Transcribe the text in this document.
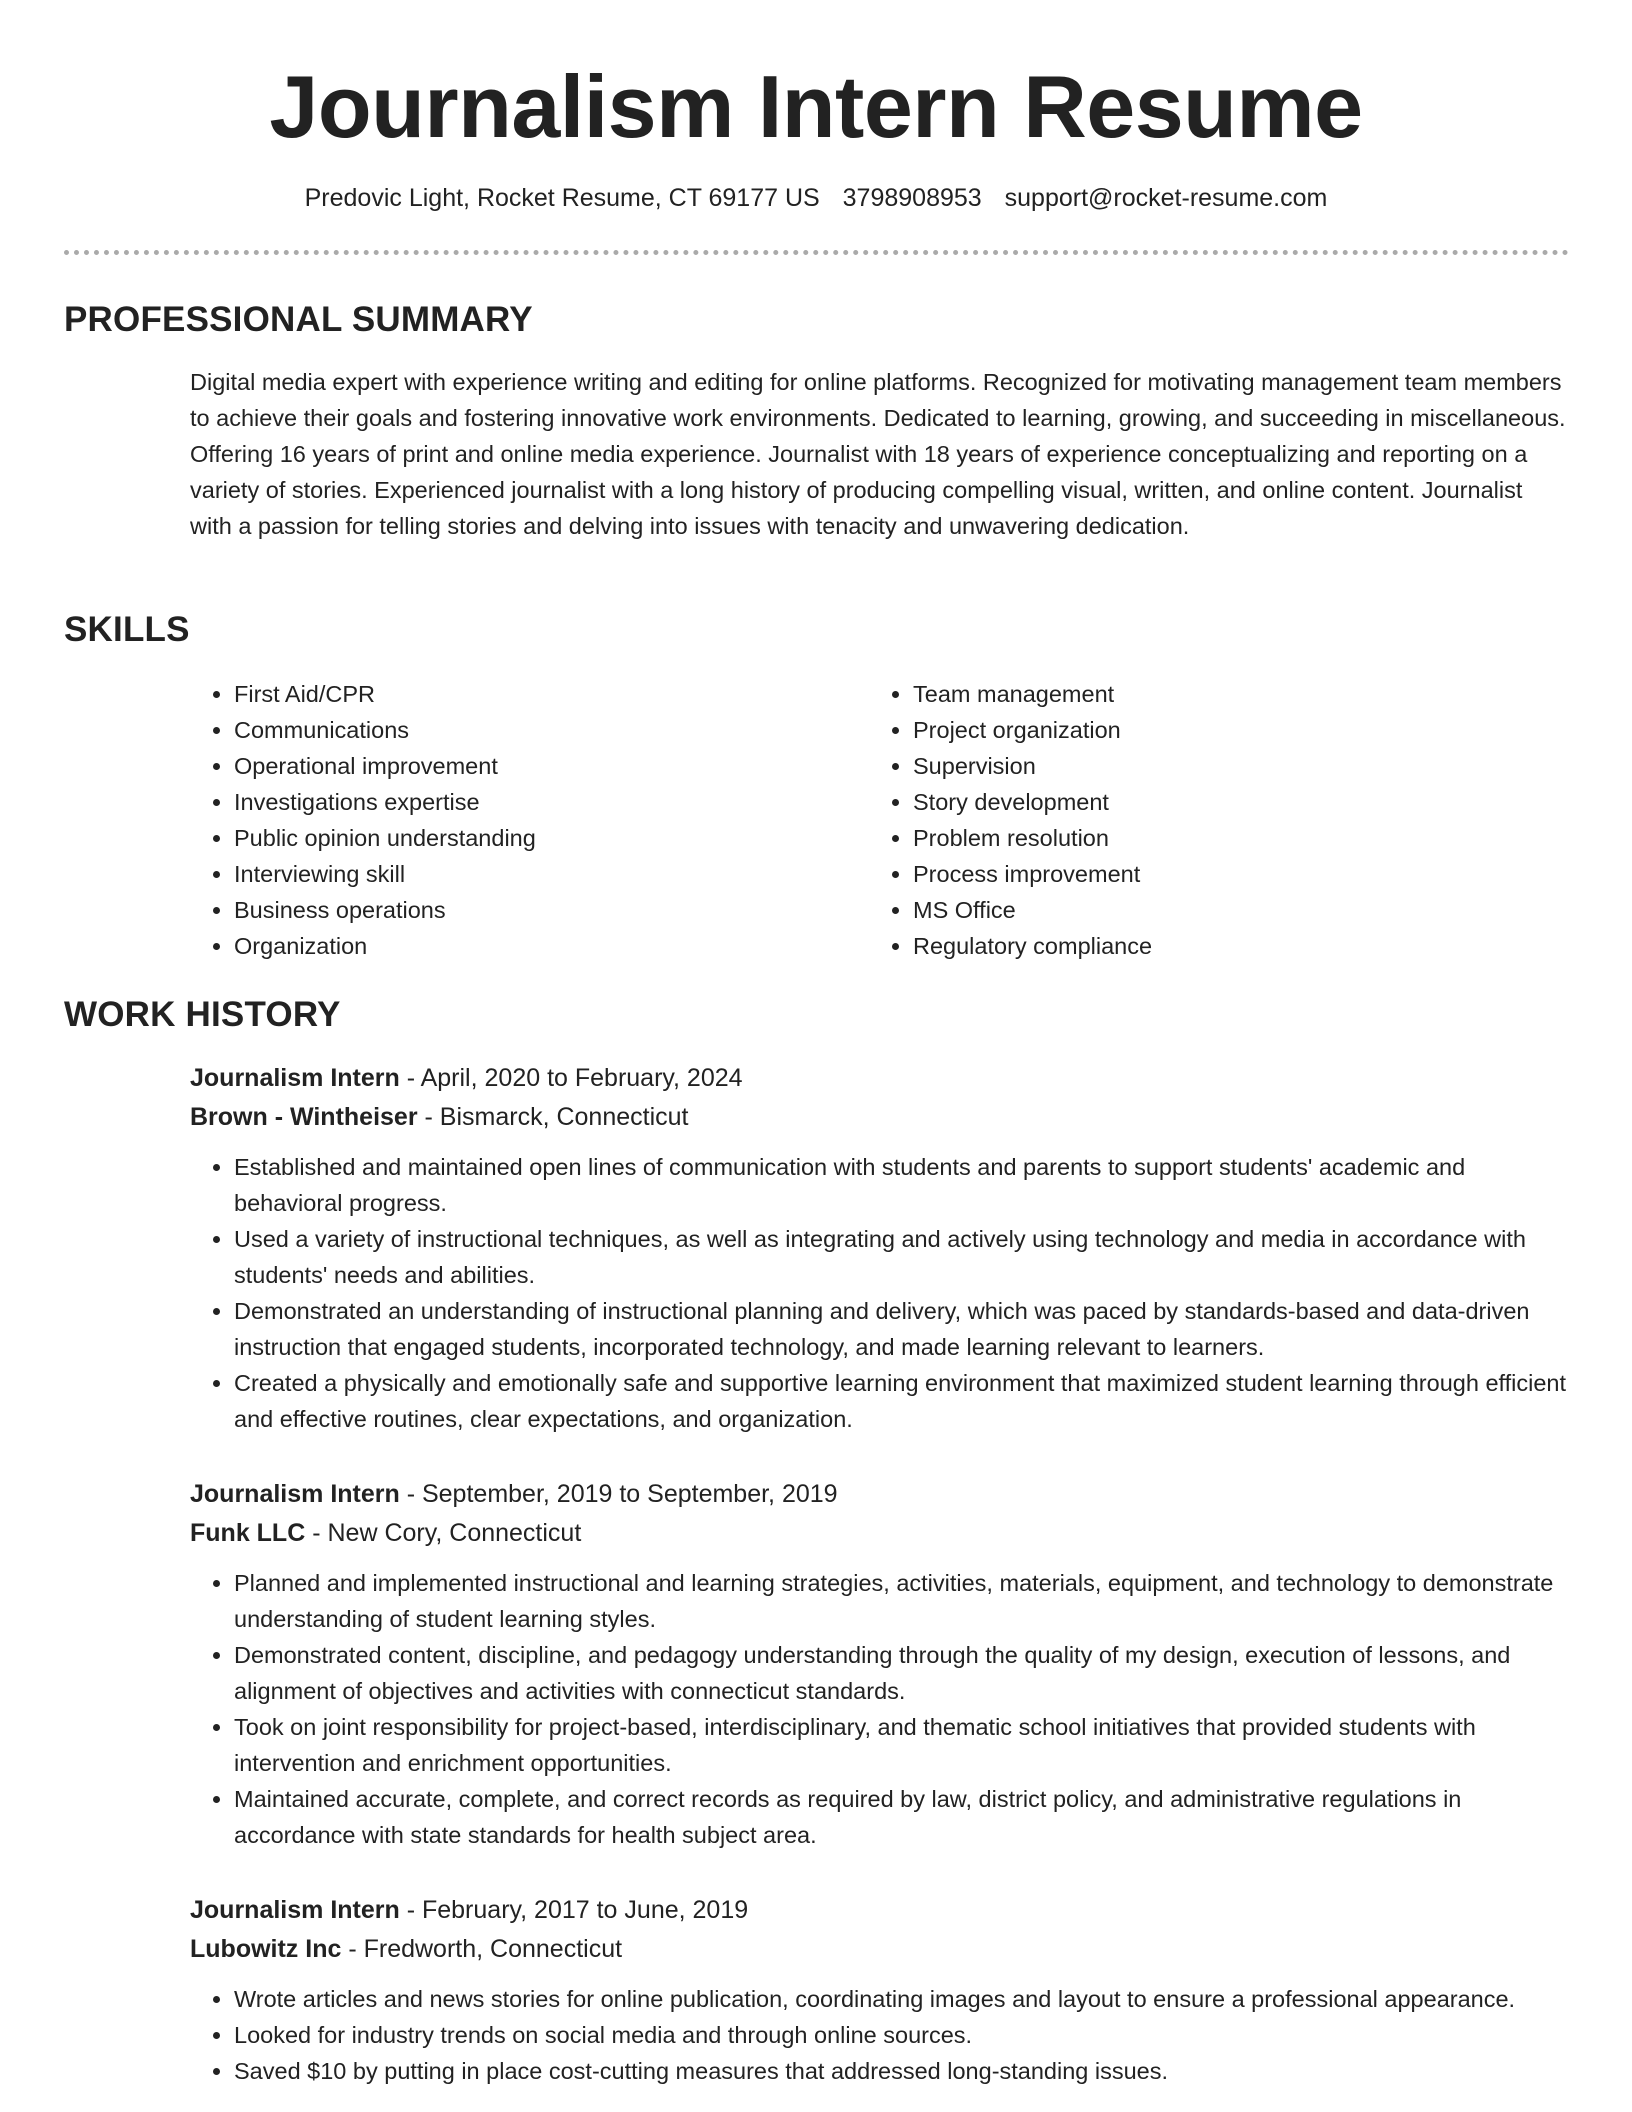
Journalism Intern Resume
Predovic Light, Rocket Resume, CT 69177 US 3798908953 support@rocket-resume.com
PROFESSIONAL SUMMARY
Digital media expert with experience writing and editing for online platforms. Recognized for motivating management team members to achieve their goals and fostering innovative work environments. Dedicated to learning, growing, and succeeding in miscellaneous. Offering 16 years of print and online media experience. Journalist with 18 years of experience conceptualizing and reporting on a variety of stories. Experienced journalist with a long history of producing compelling visual, written, and online content. Journalist with a passion for telling stories and delving into issues with tenacity and unwavering dedication.
SKILLS
• First Aid/CPR
• Communications
• Operational improvement
• Investigations expertise
• Public opinion understanding
• Interviewing skill
• Business operations
• Organization
• Team management
• Project organization
• Supervision
• Story development
• Problem resolution
• Process improvement
• MS Office
• Regulatory compliance
WORK HISTORY
Journalism Intern - April, 2020 to February, 2024
Brown - Wintheiser - Bismarck, Connecticut
• Established and maintained open lines of communication with students and parents to support students' academic and behavioral progress.
• Used a variety of instructional techniques, as well as integrating and actively using technology and media in accordance with students' needs and abilities.
• Demonstrated an understanding of instructional planning and delivery, which was paced by standards-based and data-driven instruction that engaged students, incorporated technology, and made learning relevant to learners.
• Created a physically and emotionally safe and supportive learning environment that maximized student learning through efficient and effective routines, clear expectations, and organization.
Journalism Intern - September, 2019 to September, 2019
Funk LLC - New Cory, Connecticut
• Planned and implemented instructional and learning strategies, activities, materials, equipment, and technology to demonstrate understanding of student learning styles.
• Demonstrated content, discipline, and pedagogy understanding through the quality of my design, execution of lessons, and alignment of objectives and activities with connecticut standards.
• Took on joint responsibility for project-based, interdisciplinary, and thematic school initiatives that provided students with intervention and enrichment opportunities.
• Maintained accurate, complete, and correct records as required by law, district policy, and administrative regulations in accordance with state standards for health subject area.
Journalism Intern - February, 2017 to June, 2019
Lubowitz Inc - Fredworth, Connecticut
• Wrote articles and news stories for online publication, coordinating images and layout to ensure a professional appearance.
• Looked for industry trends on social media and through online sources.
• Saved $10 by putting in place cost-cutting measures that addressed long-standing issues.
